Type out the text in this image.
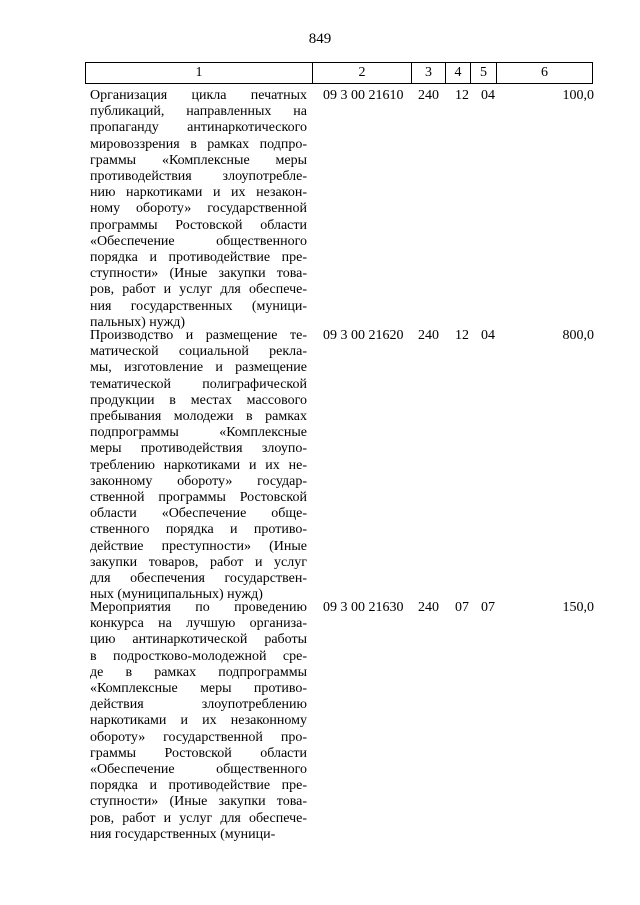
849
1	2	3	4	5	6
Организация цикла печатных
публикаций, направленных на
пропаганду антинаркотического
мировоззрения в рамках подпро-
граммы «Комплексные меры
противодействия злоупотребле-
нию наркотиками и их незакон-
ному обороту» государственной
программы Ростовской области
«Обеспечение общественного
порядка и противодействие пре-
ступности» (Иные закупки това-
ров, работ и услуг для обеспече-
ния государственных (муници-
пальных) нужд)
09 3 00 21610	240	12 04	100,0
Производство и размещение те-
матической социальной рекла-
мы, изготовление и размещение
тематической полиграфической
продукции в местах массового
пребывания молодежи в рамках
подпрограммы «Комплексные
меры противодействия злоупо-
треблению наркотиками и их не-
законному обороту» государ-
ственной программы Ростовской
области «Обеспечение обще-
ственного порядка и противо-
действие преступности» (Иные
закупки товаров, работ и услуг
для обеспечения государствен-
ных (муниципальных) нужд)
09 3 00 21620	240	12 04	800,0
Мероприятия по проведению
конкурса на лучшую организа-
цию антинаркотической работы
в подростково-молодежной сре-
де в рамках подпрограммы
«Комплексные меры противо-
действия злоупотреблению
наркотиками и их незаконному
обороту» государственной про-
граммы Ростовской области
«Обеспечение общественного
порядка и противодействие пре-
ступности» (Иные закупки това-
ров, работ и услуг для обеспече-
ния государственных (муници-
09 3 00 21630	240	07 07	150,0
